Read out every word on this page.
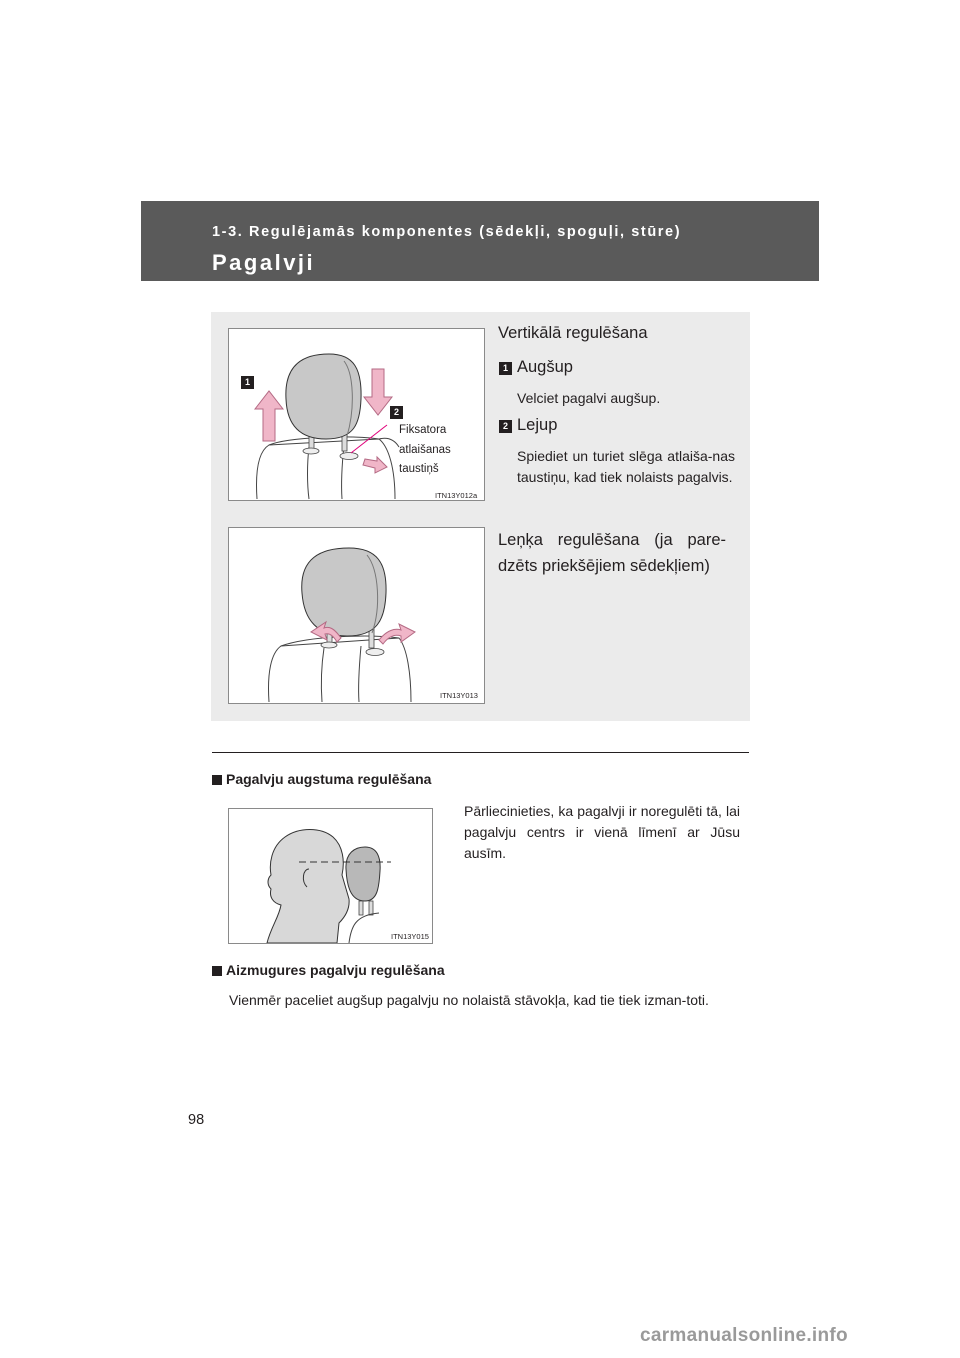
1-3. Regulējamās komponentes (sēdekļi, spoguļi, stūre)
Pagalvji
1
2
Fiksatora
atlaišanas
taustiņš
ITN13Y012a
ITN13Y013
Vertikālā regulēšana
1 Augšup
Velciet pagalvi augšup.
2 Lejup
Spiediet un turiet slēga atlaiša-nas taustiņu, kad tiek nolaists pagalvis.
Leņķa regulēšana (ja pare-dzēts priekšējiem sēdekļiem)
Pagalvju augstuma regulēšana
ITN13Y015
Pārliecinieties, ka pagalvji ir noregulēti tā, lai pagalvju centrs ir vienā līmenī ar Jūsu ausīm.
Aizmugures pagalvju regulēšana
Vienmēr paceliet augšup pagalvju no nolaistā stāvokļa, kad tie tiek izman-toti.
98
carmanualsonline.info
